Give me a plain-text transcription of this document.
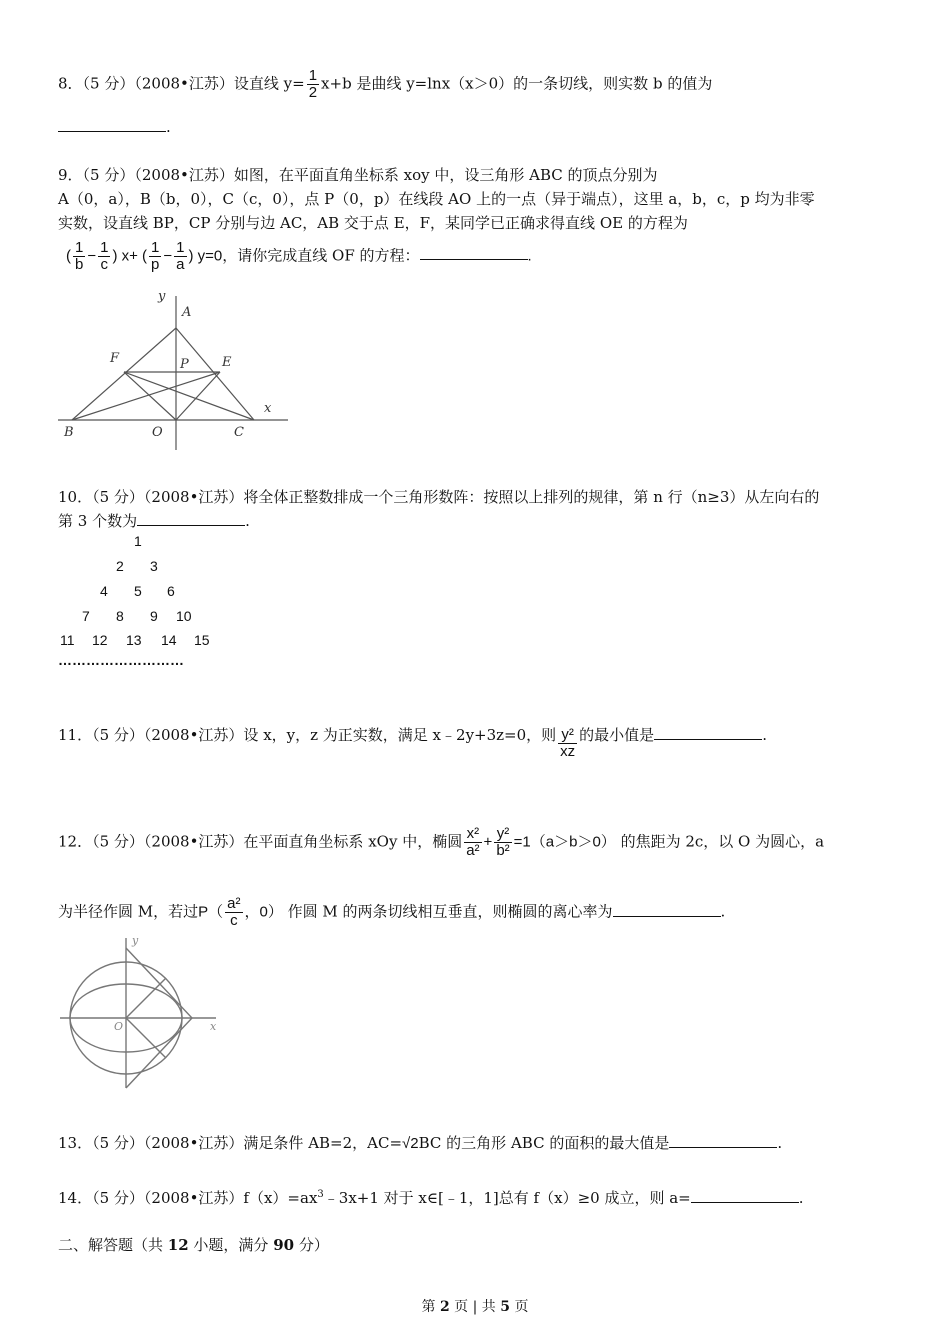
8．（5 分）（2008•江苏）设直线 $y= \frac{1}{2} x+b$ 是曲线 y=lnx（x＞0）的一条切线，则实数 b 的值为
.
9．（5 分）（2008•江苏）如图，在平面直角坐标系 xoy 中，设三角形 ABC 的顶点分别为
A（0，a），B（b，0），C（c，0），点 P（0，p）在线段 AO 上的一点（异于端点），这里 a，b，c，p 均为非零
实数，设直线 BP，CP 分别与边 AC，AB 交于点 E，F，某同学已正确求得直线 OE 的方程为
( $\frac{1}{b} - \frac{1}{c}$ ) x+ ( $\frac{1}{p} - \frac{1}{a}$ ) y=0，请你完成直线 OF 的方程：	.
y
A
F	P	E
B	O	C
x
10．（5 分）（2008•江苏）将全体正整数排成一个三角形数阵：按照以上排列的规律，第 n 行（n≥3）从左向右的
第 3 个数为	.
1
2 3
4 5 6
7 8 9 10
11 12 13 14 15
………………………
11．（5 分）（2008•江苏）设 x，y，z 为正实数，满足 x﹣2y+3z=0，则 $\frac{\text{y²}}{xz}$ 的最小值是	.
12．（5 分）（2008•江苏）在平面直角坐标系 xOy 中，椭圆 $\frac{\text{x²}}{\text{a²}} + \frac{\text{y²}}{\text{b²}} =1(a>b>0)$ 的焦距为 2c，以 O 为圆心，a
为半径作圆 M，若过$P( \frac{\text{a²}}{c}$ ，0） 作圆 M 的两条切线相互垂直，则椭圆的离心率为	.
y
x
O
13．（5 分）（2008•江苏）满足条件 AB=2，AC=√2BC 的三角形 ABC 的面积的最大值是	.
14．（5 分）（2008•江苏）$f(x)=ax^3﹣3x+1$ 对于 x∈[﹣1，1]总有 f（x）≥0 成立，则 a=	.
二、解答题（共 12 小题，满分 90 分）
第 2 页 | 共 5 页
